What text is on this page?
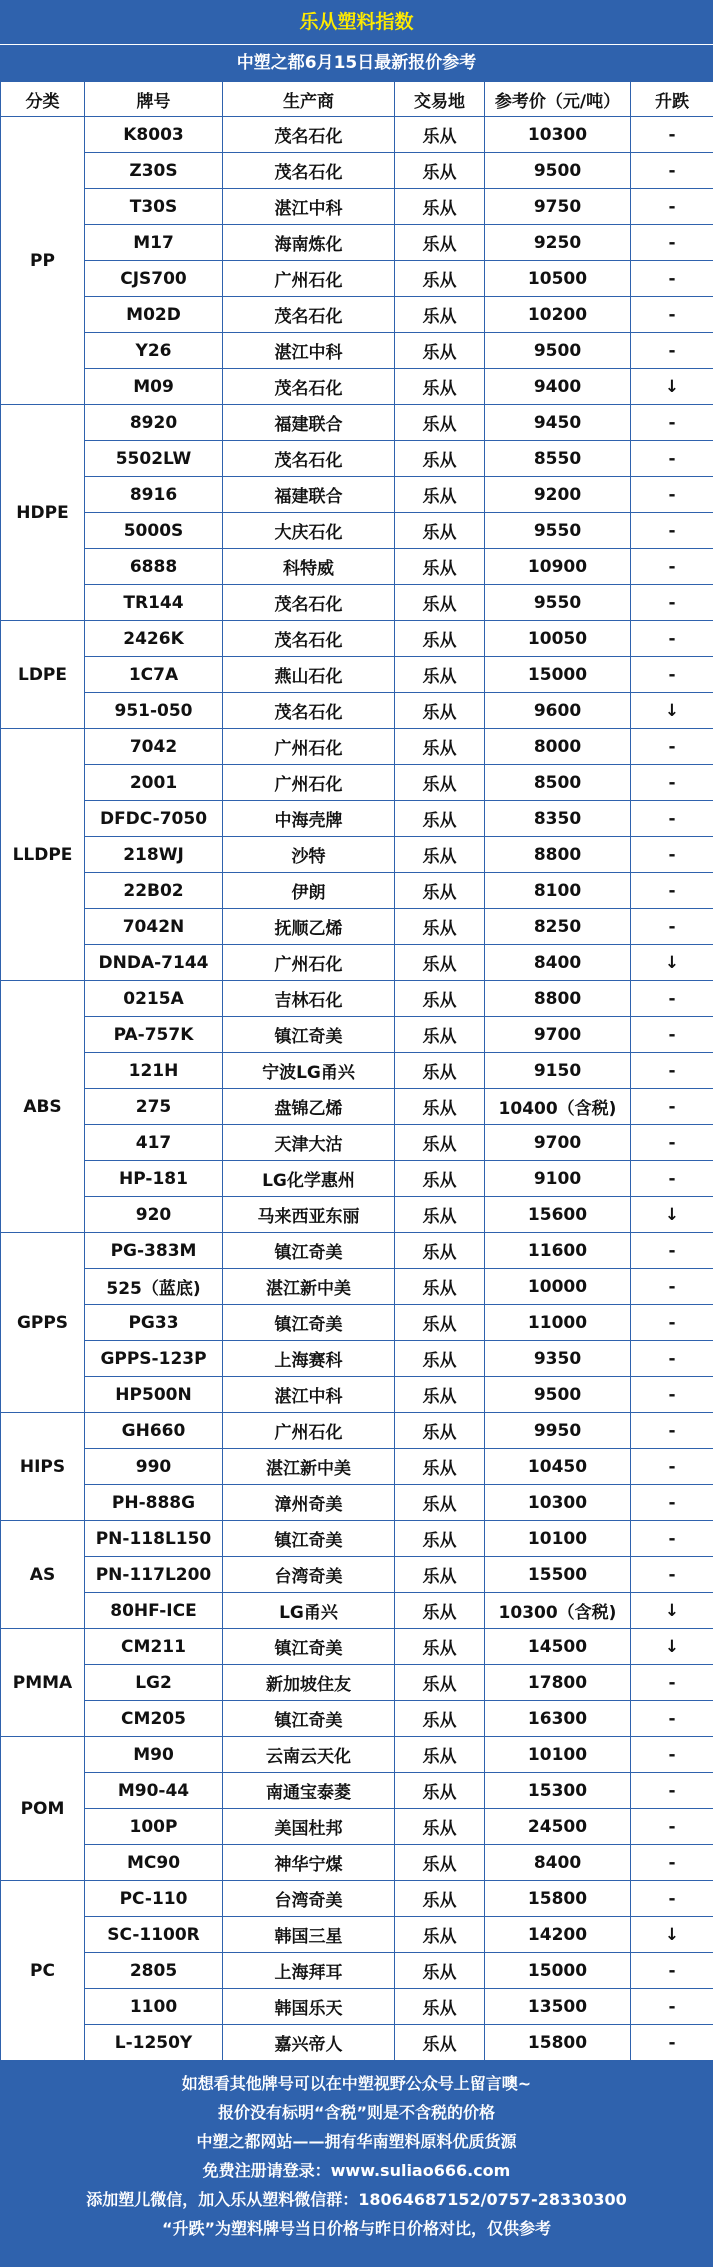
乐从塑料指数
中塑之都6月15日最新报价参考
分类	牌号	生产商	交易地	参考价（元/吨）	升跌
PP	K8003	茂名石化	乐从	10300	-
	Z30S	茂名石化	乐从	9500	-
	T30S	湛江中科	乐从	9750	-
	M17	海南炼化	乐从	9250	-
	CJS700	广州石化	乐从	10500	-
	M02D	茂名石化	乐从	10200	-
	Y26	湛江中科	乐从	9500	-
	M09	茂名石化	乐从	9400	↓
HDPE	8920	福建联合	乐从	9450	-
	5502LW	茂名石化	乐从	8550	-
	8916	福建联合	乐从	9200	-
	5000S	大庆石化	乐从	9550	-
	6888	科特威	乐从	10900	-
	TR144	茂名石化	乐从	9550	-
LDPE	2426K	茂名石化	乐从	10050	-
	1C7A	燕山石化	乐从	15000	-
	951-050	茂名石化	乐从	9600	↓
LLDPE	7042	广州石化	乐从	8000	-
	2001	广州石化	乐从	8500	-
	DFDC-7050	中海壳牌	乐从	8350	-
	218WJ	沙特	乐从	8800	-
	22B02	伊朗	乐从	8100	-
	7042N	抚顺乙烯	乐从	8250	-
	DNDA-7144	广州石化	乐从	8400	↓
ABS	0215A	吉林石化	乐从	8800	-
	PA-757K	镇江奇美	乐从	9700	-
	121H	宁波LG甬兴	乐从	9150	-
	275	盘锦乙烯	乐从	10400（含税)	-
	417	天津大沽	乐从	9700	-
	HP-181	LG化学惠州	乐从	9100	-
	920	马来西亚东丽	乐从	15600	↓
GPPS	PG-383M	镇江奇美	乐从	11600	-
	525（蓝底)	湛江新中美	乐从	10000	-
	PG33	镇江奇美	乐从	11000	-
	GPPS-123P	上海赛科	乐从	9350	-
	HP500N	湛江中科	乐从	9500	-
HIPS	GH660	广州石化	乐从	9950	-
	990	湛江新中美	乐从	10450	-
	PH-888G	漳州奇美	乐从	10300	-
AS	PN-118L150	镇江奇美	乐从	10100	-
	PN-117L200	台湾奇美	乐从	15500	-
	80HF-ICE	LG甬兴	乐从	10300（含税)	↓
PMMA	CM211	镇江奇美	乐从	14500	↓
	LG2	新加坡住友	乐从	17800	-
	CM205	镇江奇美	乐从	16300	-
POM	M90	云南云天化	乐从	10100	-
	M90-44	南通宝泰菱	乐从	15300	-
	100P	美国杜邦	乐从	24500	-
	MC90	神华宁煤	乐从	8400	-
PC	PC-110	台湾奇美	乐从	15800	-
	SC-1100R	韩国三星	乐从	14200	↓
	2805	上海拜耳	乐从	15000	-
	1100	韩国乐天	乐从	13500	-
	L-1250Y	嘉兴帝人	乐从	15800	-
如想看其他牌号可以在中塑视野公众号上留言噢~
报价没有标明“含税”则是不含税的价格
中塑之都网站——拥有华南塑料原料优质货源
免费注册请登录：www.suliao666.com
添加塑儿微信，加入乐从塑料微信群：18064687152/0757-28330300
“升跌”为塑料牌号当日价格与昨日价格对比，仅供参考
